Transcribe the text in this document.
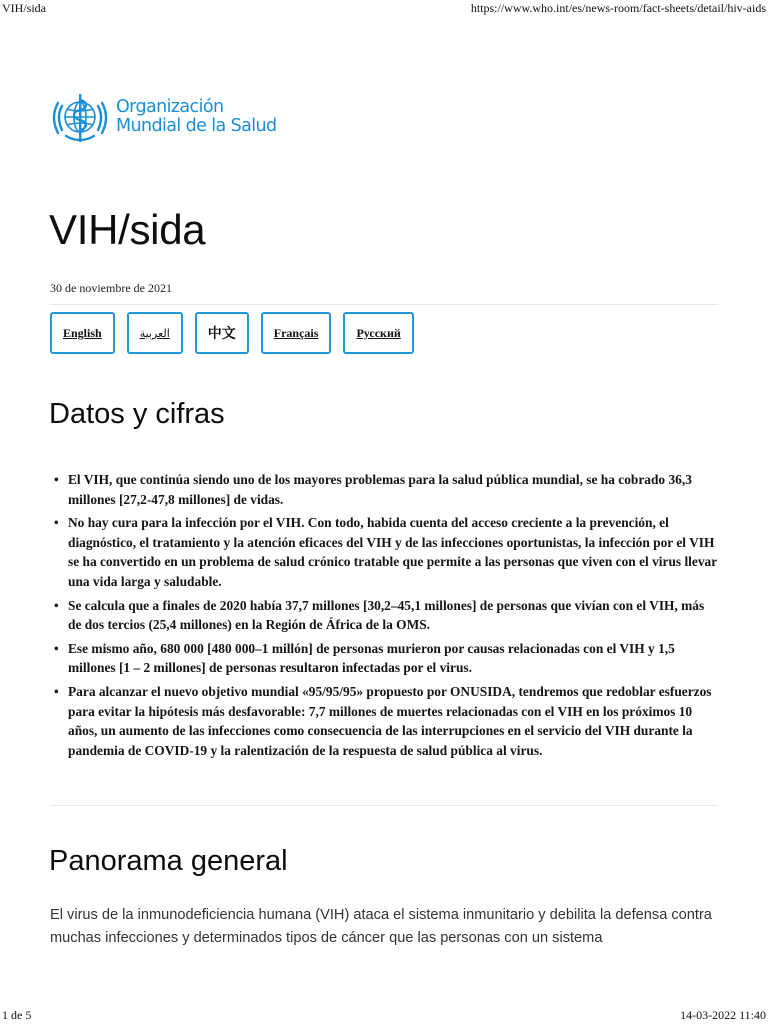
VIH/sida	https://www.who.int/es/news-room/fact-sheets/detail/hiv-aids
Organización
Mundial de la Salud
VIH/sida
30 de noviembre de 2021
English	العربية	中文	Français	Русский
Datos y cifras
• El VIH, que continúa siendo uno de los mayores problemas para la salud pública mundial, se ha cobrado 36,3 millones [27,2-47,8 millones] de vidas.
• No hay cura para la infección por el VIH. Con todo, habida cuenta del acceso creciente a la prevención, el diagnóstico, el tratamiento y la atención eficaces del VIH y de las infecciones oportunistas, la infección por el VIH se ha convertido en un problema de salud crónico tratable que permite a las personas que viven con el virus llevar una vida larga y saludable.
• Se calcula que a finales de 2020 había 37,7 millones [30,2–45,1 millones] de personas que vivían con el VIH, más de dos tercios (25,4 millones) en la Región de África de la OMS.
• Ese mismo año, 680 000 [480 000–1 millón] de personas murieron por causas relacionadas con el VIH y 1,5 millones [1 – 2 millones] de personas resultaron infectadas por el virus.
• Para alcanzar el nuevo objetivo mundial «95/95/95» propuesto por ONUSIDA, tendremos que redoblar esfuerzos para evitar la hipótesis más desfavorable: 7,7 millones de muertes relacionadas con el VIH en los próximos 10 años, un aumento de las infecciones como consecuencia de las interrupciones en el servicio del VIH durante la pandemia de COVID-19 y la ralentización de la respuesta de salud pública al virus.
Panorama general

El virus de la inmunodeficiencia humana (VIH) ataca el sistema inmunitario y debilita la defensa contra muchas infecciones y determinados tipos de cáncer que las personas con un sistema

1 de 5	14-03-2022 11:40
